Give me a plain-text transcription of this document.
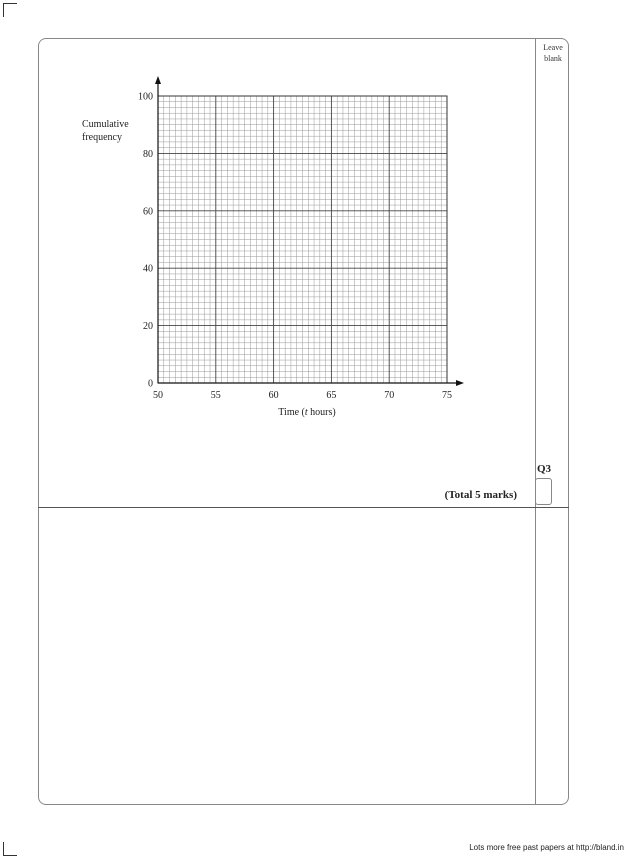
Leave
blank
Q3
(Total 5 marks)
50	55	60	65	70	75
0
20
40
60
80
100
Cumulative
frequency
Time (t hours)
Lots more free past papers at http://bland.in
